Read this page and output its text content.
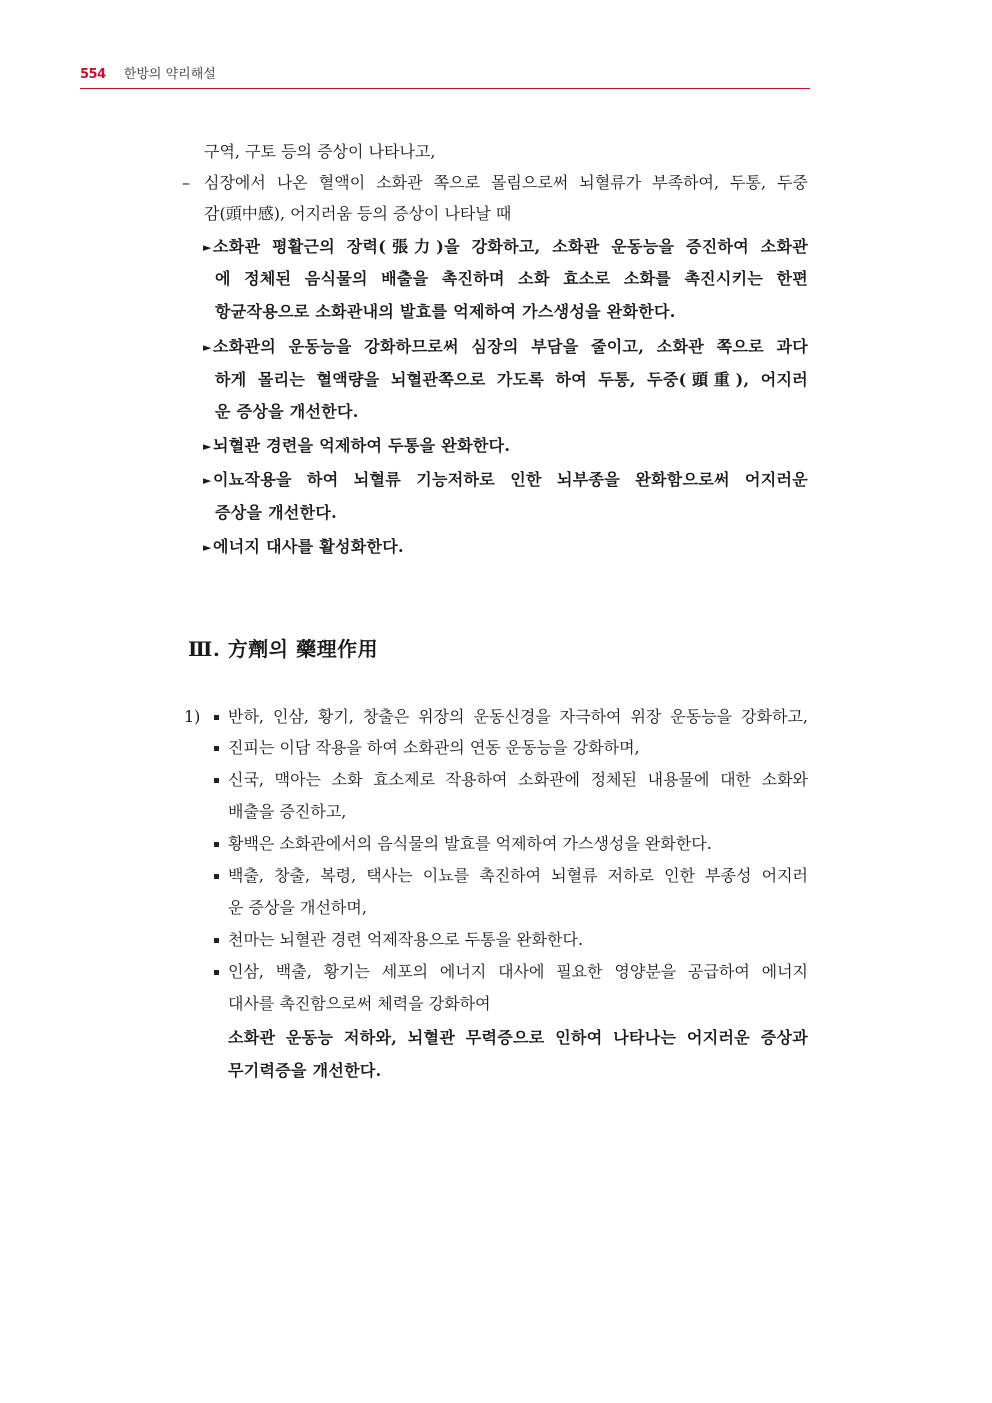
554 한방의 약리해설
구역, 구토 등의 증상이 나타나고,
– 심장에서 나온 혈액이 소화관 쪽으로 몰림으로써 뇌혈류가 부족하여, 두통, 두중
감(頭中感), 어지러움 등의 증상이 나타날 때
►소화관 평활근의 장력(張力)을 강화하고, 소화관 운동능을 증진하여 소화관
에 정체된 음식물의 배출을 촉진하며 소화 효소로 소화를 촉진시키는 한편
항균작용으로 소화관내의 발효를 억제하여 가스생성을 완화한다.
►소화관의 운동능을 강화하므로써 심장의 부담을 줄이고, 소화관 쪽으로 과다
하게 몰리는 혈액량을 뇌혈관쪽으로 가도록 하여 두통, 두중(頭重), 어지러
운 증상을 개선한다.
►뇌혈관 경련을 억제하여 두통을 완화한다.
►이뇨작용을 하여 뇌혈류 기능저하로 인한 뇌부종을 완화함으로써 어지러운
증상을 개선한다.
►에너지 대사를 활성화한다.
Ⅲ. 方劑의 藥理作用
1) 반하, 인삼, 황기, 창출은 위장의 운동신경을 자극하여 위장 운동능을 강화하고,
진피는 이담 작용을 하여 소화관의 연동 운동능을 강화하며,
신국, 맥아는 소화 효소제로 작용하여 소화관에 정체된 내용물에 대한 소화와
배출을 증진하고,
황백은 소화관에서의 음식물의 발효를 억제하여 가스생성을 완화한다.
백출, 창출, 복령, 택사는 이뇨를 촉진하여 뇌혈류 저하로 인한 부종성 어지러
운 증상을 개선하며,
천마는 뇌혈관 경련 억제작용으로 두통을 완화한다.
인삼, 백출, 황기는 세포의 에너지 대사에 필요한 영양분을 공급하여 에너지
대사를 촉진함으로써 체력을 강화하여
소화관 운동능 저하와, 뇌혈관 무력증으로 인하여 나타나는 어지러운 증상과
무기력증을 개선한다.
